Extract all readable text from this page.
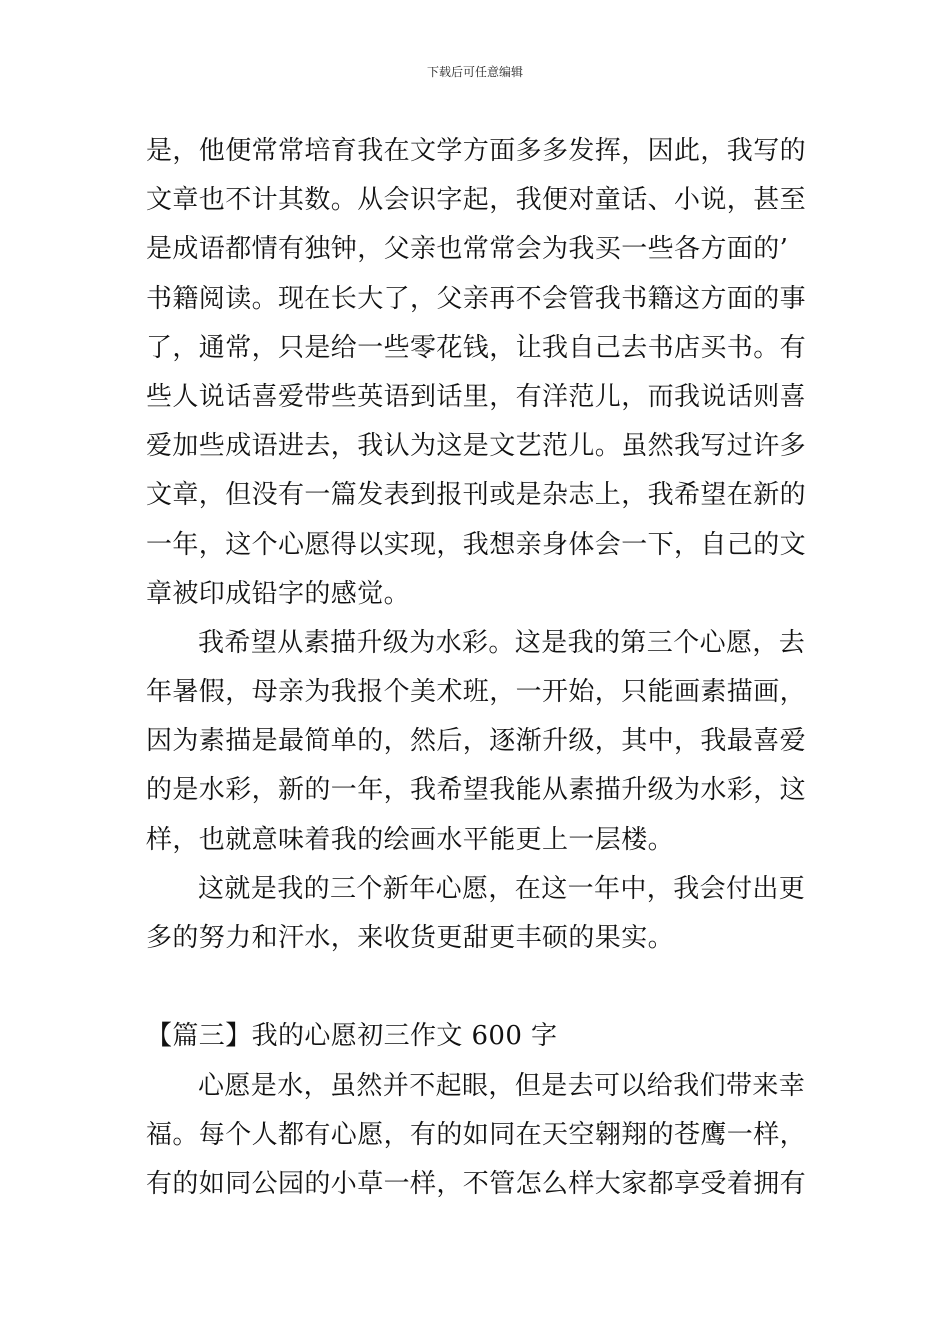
下载后可任意编辑
是，他便常常培育我在文学方面多多发挥，因此，我写的
文章也不计其数。从会识字起，我便对童话、小说，甚至
是成语都情有独钟，父亲也常常会为我买一些各方面的’
书籍阅读。现在长大了，父亲再不会管我书籍这方面的事
了，通常，只是给一些零花钱，让我自己去书店买书。有
些人说话喜爱带些英语到话里，有洋范儿，而我说话则喜
爱加些成语进去，我认为这是文艺范儿。虽然我写过许多
文章，但没有一篇发表到报刊或是杂志上，我希望在新的
一年，这个心愿得以实现，我想亲身体会一下，自己的文
章被印成铅字的感觉。
我希望从素描升级为水彩。这是我的第三个心愿，去
年暑假，母亲为我报个美术班，一开始，只能画素描画，
因为素描是最简单的，然后，逐渐升级，其中，我最喜爱
的是水彩，新的一年，我希望我能从素描升级为水彩，这
样，也就意味着我的绘画水平能更上一层楼。
这就是我的三个新年心愿，在这一年中，我会付出更
多的努力和汗水，来收货更甜更丰硕的果实。
【篇三】我的心愿初三作文 600 字
心愿是水，虽然并不起眼，但是去可以给我们带来幸
福。每个人都有心愿，有的如同在天空翱翔的苍鹰一样，
有的如同公园的小草一样，不管怎么样大家都享受着拥有
